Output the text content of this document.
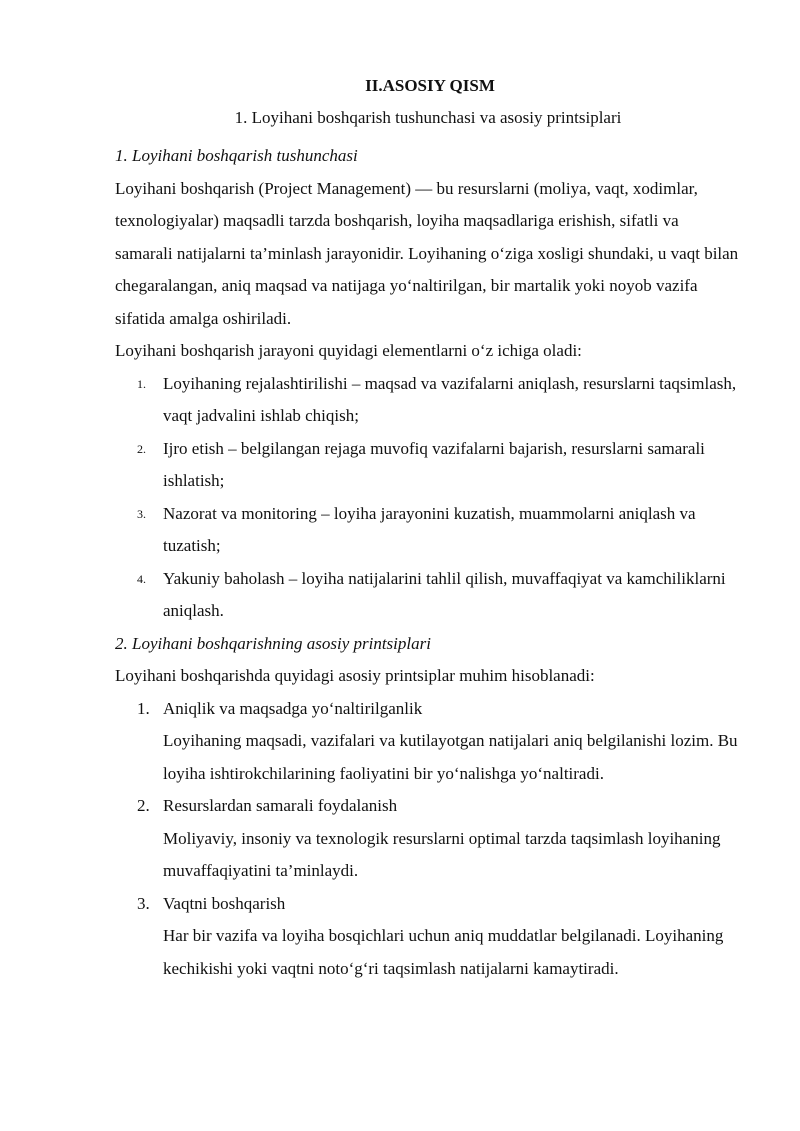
II.ASOSIY QISM
1. Loyihani boshqarish tushunchasi va asosiy printsiplari

1. Loyihani boshqarish tushunchasi

Loyihani boshqarish (Project Management) — bu resurslarni (moliya, vaqt, xodimlar, texnologiyalar) maqsadli tarzda boshqarish, loyiha maqsadlariga erishish, sifatli va samarali natijalarni ta’minlash jarayonidir. Loyihaning o‘ziga xosligi shundaki, u vaqt bilan chegaralangan, aniq maqsad va natijaga yo‘naltirilgan, bir martalik yoki noyob vazifa sifatida amalga oshiriladi.

Loyihani boshqarish jarayoni quyidagi elementlarni o‘z ichiga oladi:

1. Loyihaning rejalashtirilishi – maqsad va vazifalarni aniqlash, resurslarni taqsimlash, vaqt jadvalini ishlab chiqish;
2. Ijro etish – belgilangan rejaga muvofiq vazifalarni bajarish, resurslarni samarali ishlatish;
3. Nazorat va monitoring – loyiha jarayonini kuzatish, muammolarni aniqlash va tuzatish;
4. Yakuniy baholash – loyiha natijalarini tahlil qilish, muvaffaqiyat va kamchiliklarni aniqlash.

2. Loyihani boshqarishning asosiy printsiplari

Loyihani boshqarishda quyidagi asosiy printsiplar muhim hisoblanadi:

1. Aniqlik va maqsadga yo‘naltirilganlik
Loyihaning maqsadi, vazifalari va kutilayotgan natijalari aniq belgilanishi lozim. Bu loyiha ishtirokchilarining faoliyatini bir yo‘nalishga yo‘naltiradi.
2. Resurslardan samarali foydalanish
Moliyaviy, insoniy va texnologik resurslarni optimal tarzda taqsimlash loyihaning muvaffaqiyatini ta’minlaydi.
3. Vaqtni boshqarish
Har bir vazifa va loyiha bosqichlari uchun aniq muddatlar belgilanadi. Loyihaning kechikishi yoki vaqtni noto‘g‘ri taqsimlash natijalarni kamaytiradi.
